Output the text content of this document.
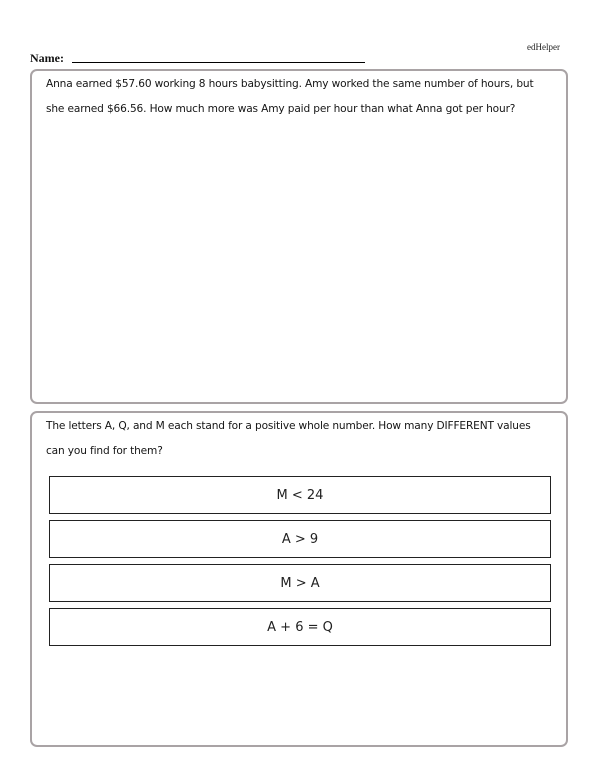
edHelper
Name:

Anna earned $57.60 working 8 hours babysitting. Amy worked the same number of hours, but she earned $66.56. How much more was Amy paid per hour than what Anna got per hour?

The letters A, Q, and M each stand for a positive whole number. How many DIFFERENT values can you find for them?

M < 24
A > 9
M > A
A + 6 = Q
